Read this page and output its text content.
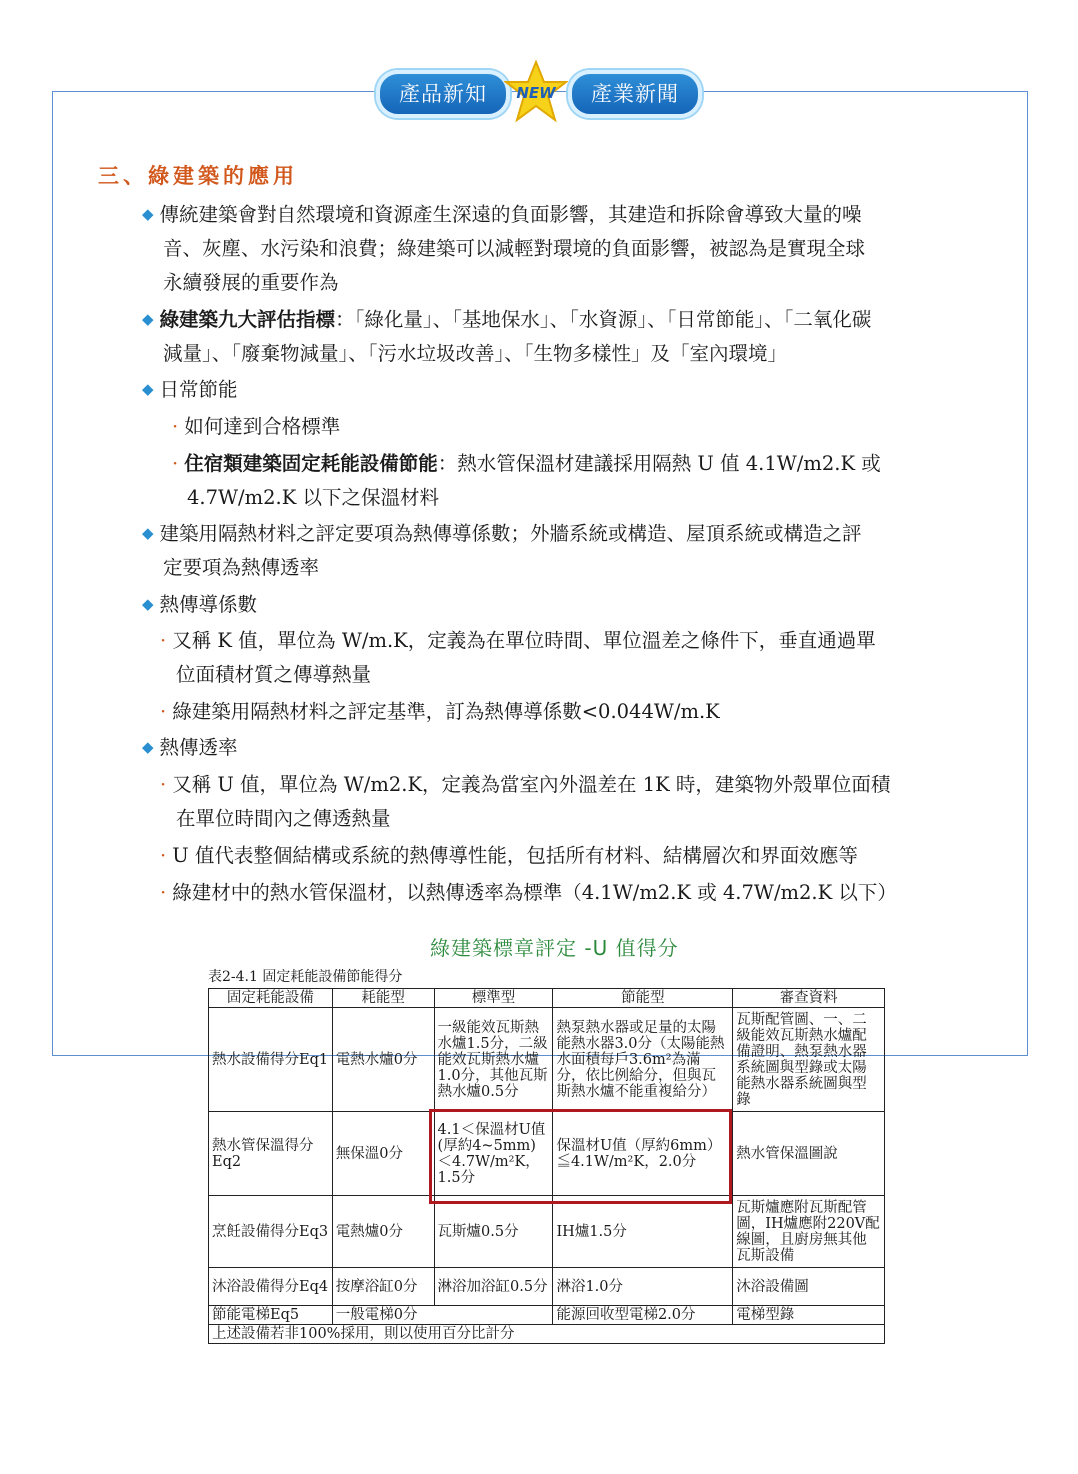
產品新知	NEW	產業新聞
三、綠建築的應用
◆ 傳統建築會對自然環境和資源產生深遠的負面影響，其建造和拆除會導致大量的噪
音、灰塵、水污染和浪費；綠建築可以減輕對環境的負面影響，被認為是實現全球
永續發展的重要作為
◆ 綠建築九大評估指標：「綠化量」、「基地保水」、「水資源」、「日常節能」、「二氧化碳
減量」、「廢棄物減量」、「污水垃圾改善」、「生物多樣性」及「室內環境」
◆ 日常節能
· 如何達到合格標準
· 住宿類建築固定耗能設備節能：熱水管保溫材建議採用隔熱 U 值 4.1W/m2.K 或
4.7W/m2.K 以下之保溫材料
◆ 建築用隔熱材料之評定要項為熱傳導係數；外牆系統或構造、屋頂系統或構造之評
定要項為熱傳透率
◆ 熱傳導係數
· 又稱 K 值，單位為 W/m.K，定義為在單位時間、單位溫差之條件下，垂直通過單
位面積材質之傳導熱量
· 綠建築用隔熱材料之評定基準，訂為熱傳導係數<0.044W/m.K
◆ 熱傳透率
· 又稱 U 值，單位為 W/m2.K，定義為當室內外溫差在 1K 時，建築物外殼單位面積
在單位時間內之傳透熱量
· U 值代表整個結構或系統的熱傳導性能，包括所有材料、結構層次和界面效應等
· 綠建材中的熱水管保溫材，以熱傳透率為標準（4.1W/m2.K 或 4.7W/m2.K 以下）
綠建築標章評定 -U 值得分
表2-4.1 固定耗能設備節能得分
固定耗能設備	耗能型	標準型	節能型	審查資料
熱水設備得分Eq1	電熱水爐0分	一級能效瓦斯熱水爐1.5分，二級能效瓦斯熱水爐1.0分，其他瓦斯熱水爐0.5分	熱泵熱水器或足量的太陽能熱水器3.0分（太陽能熱水面積每戶3.6m²為滿分，依比例給分，但與瓦斯熱水爐不能重複給分）	瓦斯配管圖、一、二級能效瓦斯熱水爐配備證明、熱泵熱水器系統圖與型錄或太陽能熱水器系統圖與型錄
熱水管保溫得分Eq2	無保溫0分	4.1＜保溫材U值(厚約4~5mm)＜4.7W/m²K，1.5分	保溫材U值（厚約6mm）≦4.1W/m²K，2.0分	熱水管保溫圖說
烹飪設備得分Eq3	電熱爐0分	瓦斯爐0.5分	IH爐1.5分	瓦斯爐應附瓦斯配管圖，IH爐應附220V配線圖，且廚房無其他瓦斯設備
沐浴設備得分Eq4	按摩浴缸0分	淋浴加浴缸0.5分	淋浴1.0分	沐浴設備圖
節能電梯Eq5	一般電梯0分		能源回收型電梯2.0分	電梯型錄
上述設備若非100%採用，則以使用百分比計分				
